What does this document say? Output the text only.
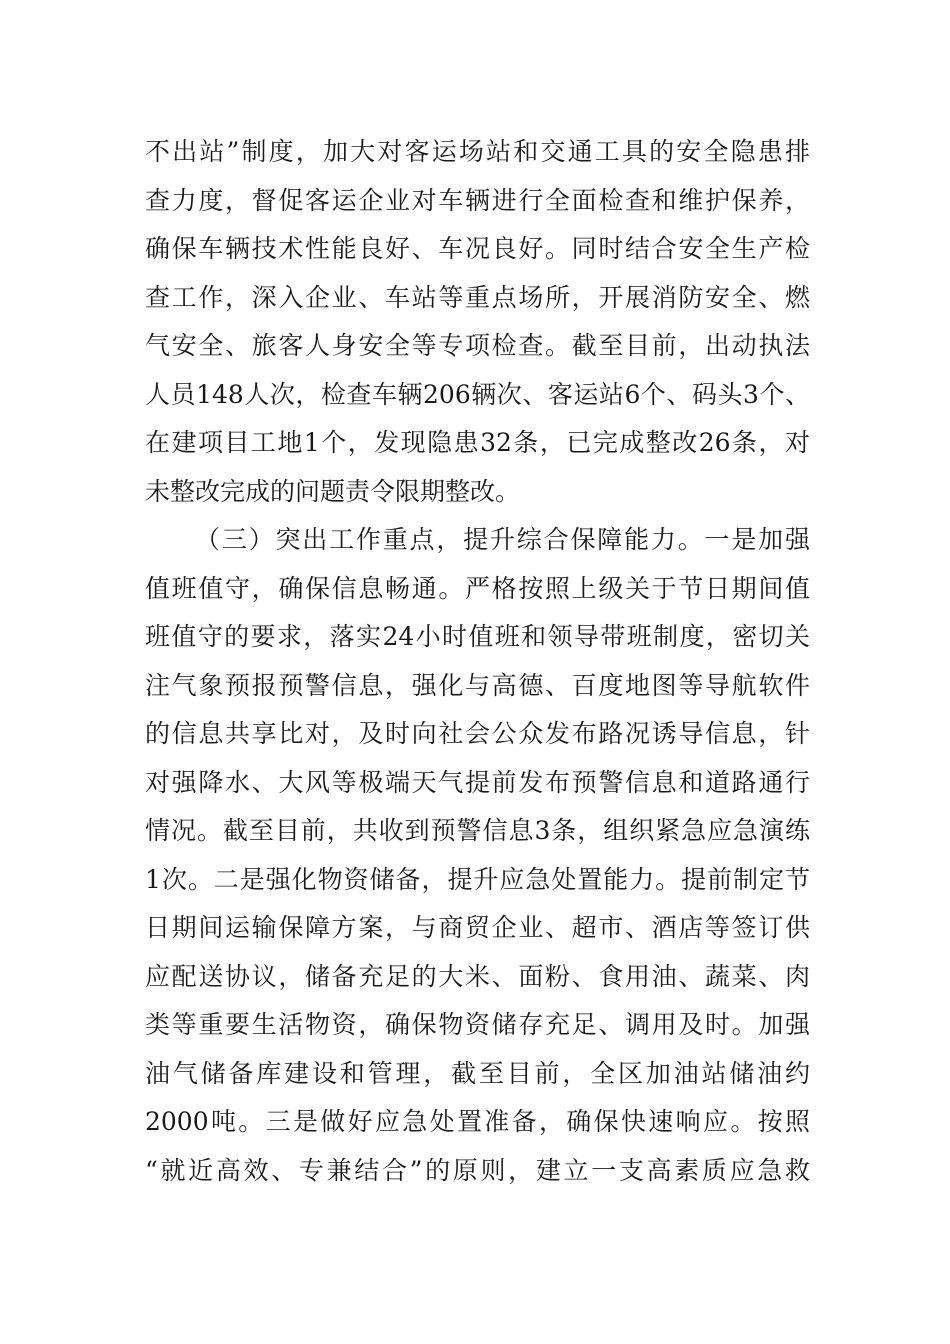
不出站”制度，加大对客运场站和交通工具的安全隐患排
查力度，督促客运企业对车辆进行全面检查和维护保养，
确保车辆技术性能良好、车况良好。同时结合安全生产检
查工作，深入企业、车站等重点场所，开展消防安全、燃
气安全、旅客人身安全等专项检查。截至目前，出动执法
人员148人次，检查车辆206辆次、客运站6个、码头3个、
在建项目工地1个，发现隐患32条，已完成整改26条，对
未整改完成的问题责令限期整改。
（三）突出工作重点，提升综合保障能力。一是加强
值班值守，确保信息畅通。严格按照上级关于节日期间值
班值守的要求，落实24小时值班和领导带班制度，密切关
注气象预报预警信息，强化与高德、百度地图等导航软件
的信息共享比对，及时向社会公众发布路况诱导信息，针
对强降水、大风等极端天气提前发布预警信息和道路通行
情况。截至目前，共收到预警信息3条，组织紧急应急演练
1次。二是强化物资储备，提升应急处置能力。提前制定节
日期间运输保障方案，与商贸企业、超市、酒店等签订供
应配送协议，储备充足的大米、面粉、食用油、蔬菜、肉
类等重要生活物资，确保物资储存充足、调用及时。加强
油气储备库建设和管理，截至目前，全区加油站储油约
2000吨。三是做好应急处置准备，确保快速响应。按照
“就近高效、专兼结合”的原则，建立一支高素质应急救
